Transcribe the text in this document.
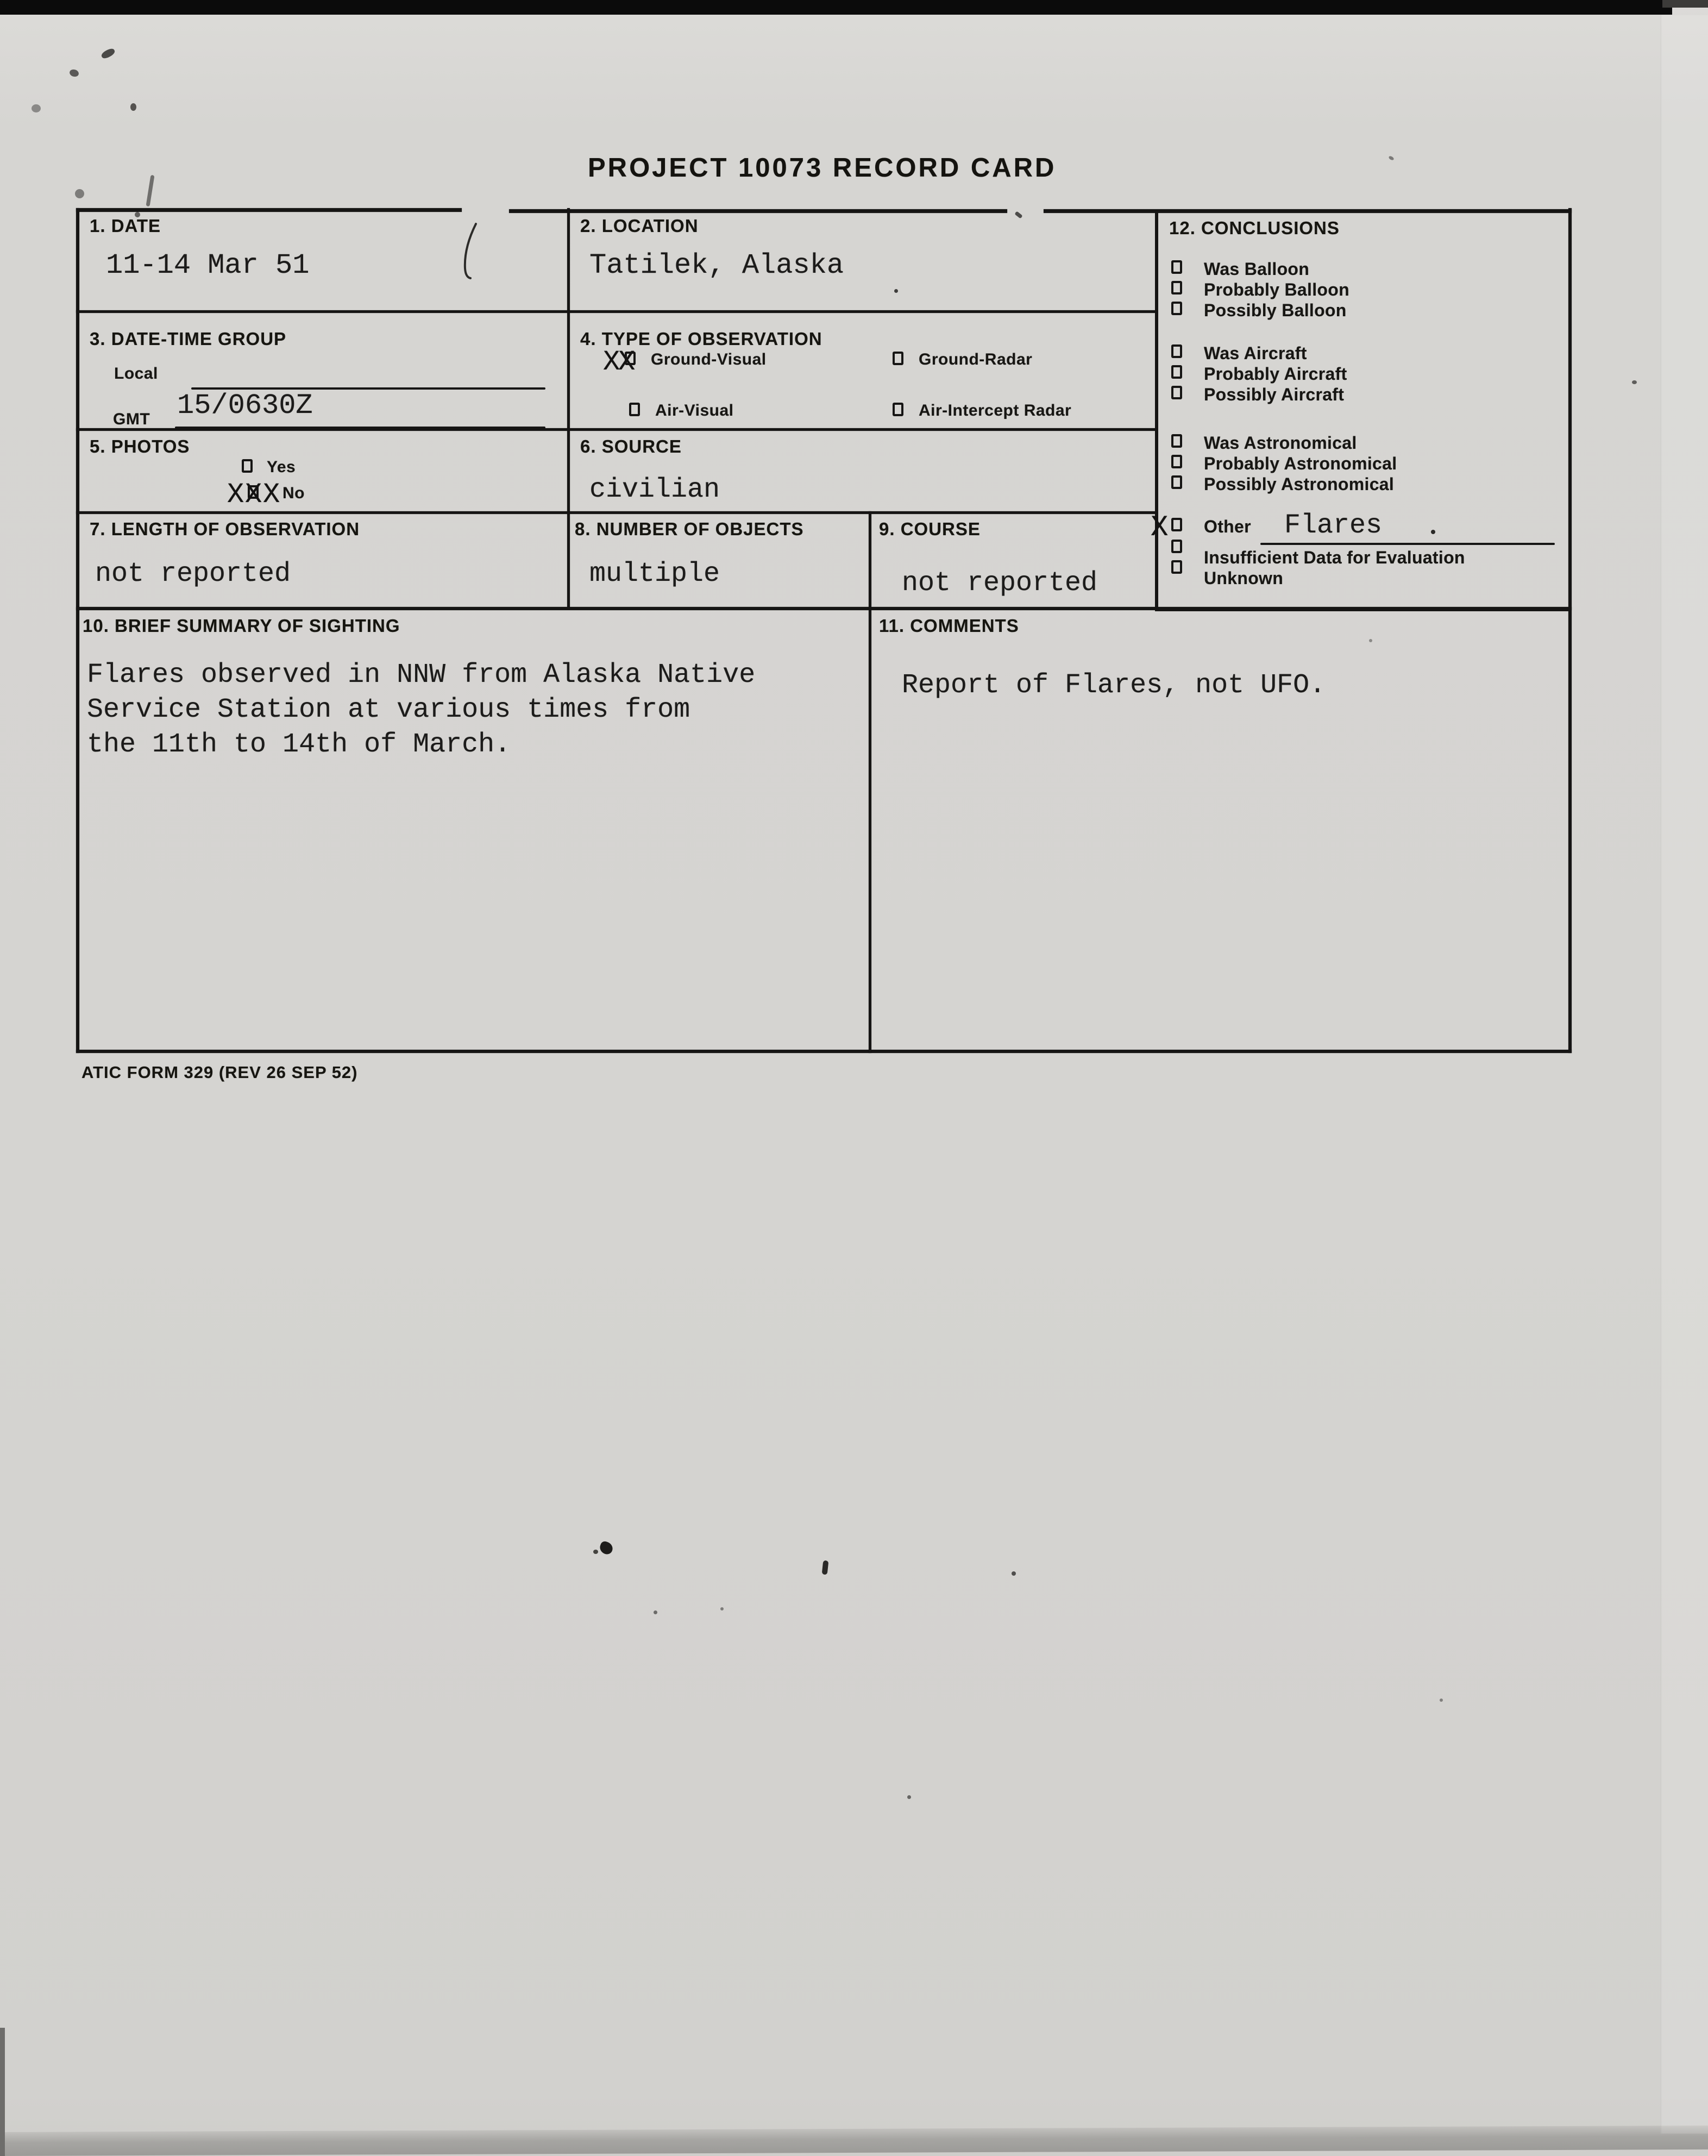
PROJECT 10073 RECORD CARD
1. DATE
11-14 Mar 51
2. LOCATION
Tatilek, Alaska
3. DATE-TIME GROUP
Local
15/0630Z
GMT
4. TYPE OF OBSERVATION
X
X Ground-Visual	Ground-Radar
Air-Visual	Air-Intercept Radar
5. PHOTOS
Yes
X X X No
6. SOURCE
civilian
7. LENGTH OF OBSERVATION
not reported
8. NUMBER OF OBJECTS
multiple
9. COURSE
not reported
10. BRIEF SUMMARY OF SIGHTING
Flares observed in NNW from Alaska Native
Service Station at various times from
the 11th to 14th of March.
11. COMMENTS
Report of Flares, not UFO.
12. CONCLUSIONS
Was Balloon
Probably Balloon
Possibly Balloon
Was Aircraft
Probably Aircraft
Possibly Aircraft
Was Astronomical
Probably Astronomical
Possibly Astronomical
X Other Flares
Insufficient Data for Evaluation
Unknown
ATIC FORM 329 (REV 26 SEP 52)
